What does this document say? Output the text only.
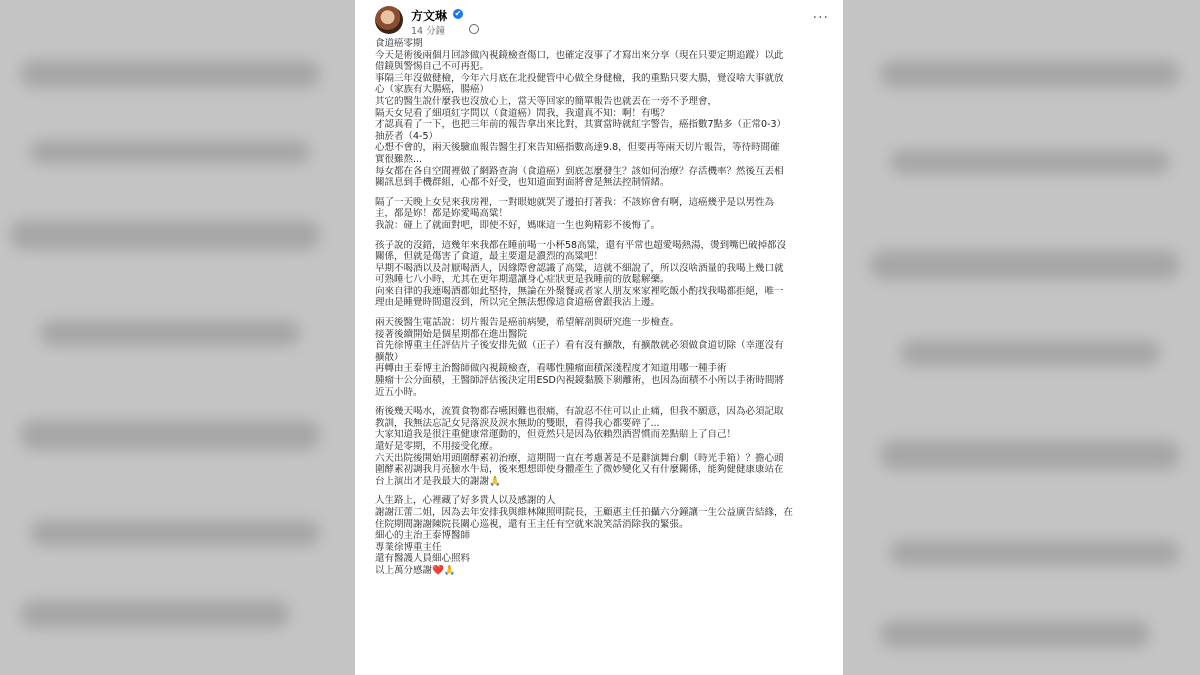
方文琳 ✔
14 分鐘
···
食道癌零期
今天是術後兩個月回診做內視鏡檢查傷口，也確定沒事了才寫出來分享（現在只要定期追蹤）以此
借鏡與警惕自己不可再犯。
事隔三年沒做健檢，今年六月底在北投健管中心做全身健檢，我的重點只要大腸，覺沒啥大事就放
心（家族有大腸癌，腸癌）
其它的醫生說什麼我也沒放心上，當天等回家的簡單報告也就丟在一旁不予理會，
隔天女兒看了細項紅字問以（食道癌）問我，我還真不知：啊！有嗎？
才認真看了一下，也把三年前的報告拿出來比對，其實當時就紅字警告，癌指數7點多（正常0-3）
抽菸者（4-5）
心想不會的，兩天後驗血報告醫生打來告知癌指數高達9.8，但要再等兩天切片報告，等待時間確
實很難熬...
每女都在各自空間裡做了網路查詢（食道癌）到底怎麼發生？該如何治療？存活機率？然後互丟相
關訊息到手機群組，心都不好受，也知道面對面將會是無法控制情緒。
隔了一天晚上女兒來我房裡，一對眼她就哭了邊拍打著我：不該妳會有啊，這癌幾乎是以男性為
主，都是妳！都是妳愛喝高粱！
我說：碰上了就面對吧，即使不好，媽咪這一生也夠精彩不後悔了。
孩子說的沒錯，這幾年來我都在睡前喝一小杯58高粱，還有平常也超愛喝熱湯，燙到嘴巴破掉都沒
關係，但就是傷害了食道，最主要還是濃烈的高粱吧！
早期不喝酒以及討厭喝酒人，因緣際會認識了高粱，這就不細說了，所以沒啥酒量的我喝上幾口就
可熟睡七八小時，尤其在更年期還讓身心症狀更是我睡前的放鬆解藥。
向來自律的我連喝酒都如此堅持，無論在外聚餐或者家人朋友來家裡吃飯小酌找我喝都拒絕，唯一
理由是睡覺時間還沒到，所以完全無法想像這食道癌會跟我沾上邊。
兩天後醫生電話說：切片報告是癌前病變，希望解剖與研究進一步檢查。
接著後續開始是個星期都在進出醫院
首先徐博重主任評估片子後安排先做（正子）看有沒有擴散，有擴散就必須做食道切除（幸運沒有
擴散）
再轉由王泰博主治醫師做內視鏡檢查，看哪性腫瘤面積深淺程度才知道用哪一種手術
腫瘤十公分面積，王醫師評估後決定用ESD內視鏡黏膜下剝離術，也因為面積不小所以手術時間將
近五小時。
術後幾天喝水，流質食物都吞嚥困難也很痛，有說忍不住可以止止痛，但我不願意，因為必須記取
教訓，我無法忘記女兒落淚及淚水無助的雙眼，看得我心都要碎了...
大家知道我是很注重健康常運動的，但竟然只是因為依賴烈酒習慣而差點賠上了自己！
還好是零期，不用接受化療。
六天出院後開始用頭圍酵素初治療，這期間一直在考慮著是不是辭演舞台劇（時光手箱）？擔心頭
圍酵素初調我月亮臉水牛局，後來想想即使身體產生了微妙變化又有什麼關係，能夠健健康康站在
台上演出才是我最大的謝謝🙏
人生路上，心裡藏了好多貴人以及感謝的人
謝謝江蕾二姐，因為去年安排我與維林陳照明院長，王顧惠主任拍攝六分鐘讓一生公益廣告結緣，在
住院期間謝謝陳院長關心巡視，還有王主任有空就來說笑話消除我的緊張。
細心的主治王泰博醫師
專業徐博重主任
還有醫護人員細心照料
以上萬分感謝❤️🙏
